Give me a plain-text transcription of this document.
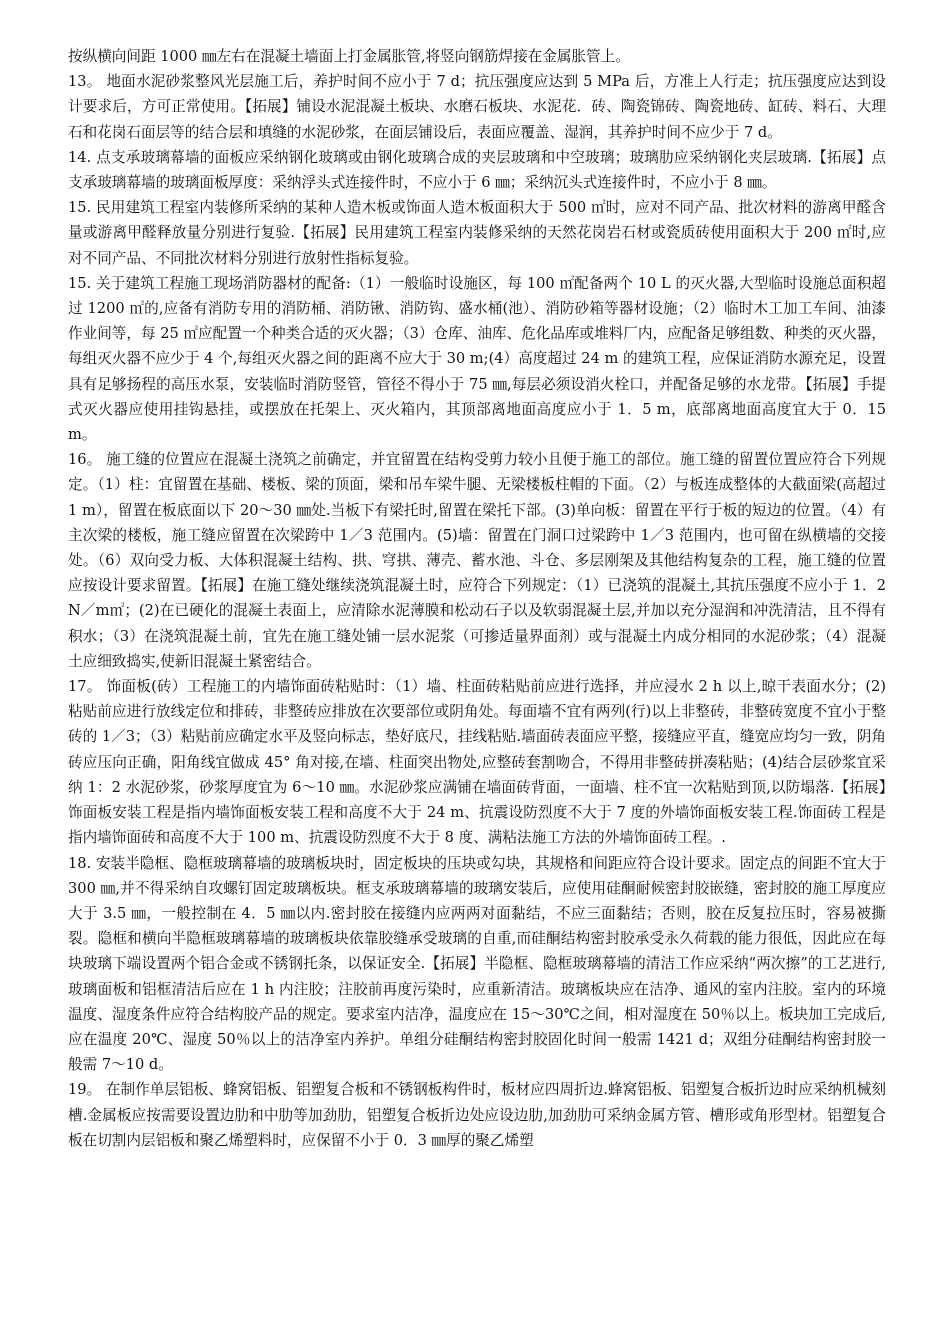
按纵横向间距 1000 ㎜左右在混凝土墙面上打金属胀管,将竖向钢筋焊接在金属胀管上。

13。 地面水泥砂浆整风光层施工后，养护时间不应小于 7 d；抗压强度应达到 5 MPa 后，方准上人行走；抗压强度应达到设计要求后，方可正常使用。【拓展】铺设水泥混凝土板块、水磨石板块、水泥花．砖、陶瓷锦砖、陶瓷地砖、缸砖、料石、大理石和花岗石面层等的结合层和填缝的水泥砂浆，在面层铺设后，表面应覆盖、湿润，其养护时间不应少于 7 d。

14. 点支承玻璃幕墙的面板应采纳钢化玻璃或由钢化玻璃合成的夹层玻璃和中空玻璃；玻璃肋应采纳钢化夹层玻璃.【拓展】点支承玻璃幕墙的玻璃面板厚度：采纳浮头式连接件时，不应小于 6 ㎜；采纳沉头式连接件时，不应小于 8 ㎜。

15. 民用建筑工程室内装修所采纳的某种人造木板或饰面人造木板面积大于 500 ㎡时，应对不同产品、批次材料的游离甲醛含量或游离甲醛释放量分别进行复验.【拓展】民用建筑工程室内装修采纳的天然花岗岩石材或瓷质砖使用面积大于 200 ㎡时,应对不同产品、不同批次材料分别进行放射性指标复验。

15. 关于建筑工程施工现场消防器材的配备:（1）一般临时设施区，每 100 ㎡配备两个 10 L 的灭火器,大型临时设施总面积超过 1200 ㎡的,应备有消防专用的消防桶、消防锹、消防钩、盛水桶(池）、消防砂箱等器材设施；（2）临时木工加工车间、油漆作业间等，每 25 ㎡应配置一个种类合适的灭火器；（3）仓库、油库、危化品库或堆料厂内，应配备足够组数、种类的灭火器，每组灭火器不应少于 4 个,每组灭火器之间的距离不应大于 30 m;(4）高度超过 24 m 的建筑工程，应保证消防水源充足，设置具有足够扬程的高压水泵，安装临时消防竖管，管径不得小于 75 ㎜,每层必须设消火栓口，并配备足够的水龙带。【拓展】手提式灭火器应使用挂钩悬挂，或摆放在托架上、灭火箱内，其顶部离地面高度应小于 1．5 m，底部离地面高度宜大于 0．15 m。

16。 施工缝的位置应在混凝土浇筑之前确定，并宜留置在结构受剪力较小且便于施工的部位。施工缝的留置位置应符合下列规定。（1）柱：宜留置在基础、楼板、梁的顶面，梁和吊车梁牛腿、无梁楼板柱帽的下面。（2）与板连成整体的大截面梁(高超过 1 m），留置在板底面以下 20～30 ㎜处.当板下有梁托时,留置在梁托下部。(3)单向板：留置在平行于板的短边的位置。（4）有主次梁的楼板，施工缝应留置在次梁跨中 1／3 范围内。(5)墙：留置在门洞口过梁跨中 1／3 范围内，也可留在纵横墙的交接处。（6）双向受力板、大体积混凝土结构、拱、穹拱、薄壳、蓄水池、斗仓、多层刚架及其他结构复杂的工程，施工缝的位置应按设计要求留置。【拓展】在施工缝处继续浇筑混凝土时，应符合下列规定：（1）已浇筑的混凝土,其抗压强度不应小于 1．2 N／m㎡；(2)在已硬化的混凝土表面上，应清除水泥薄膜和松动石子以及软弱混凝土层,并加以充分湿润和冲洗清洁，且不得有积水；（3）在浇筑混凝土前，宜先在施工缝处铺一层水泥浆（可掺适量界面剂）或与混凝土内成分相同的水泥砂浆；（4）混凝土应细致捣实,使新旧混凝土紧密结合。

17。 饰面板(砖）工程施工的内墙饰面砖粘贴时：（1）墙、柱面砖粘贴前应进行选择，并应浸水 2 h 以上,晾干表面水分；(2)粘贴前应进行放线定位和排砖，非整砖应排放在次要部位或阴角处。每面墙不宜有两列(行)以上非整砖，非整砖宽度不宜小于整砖的 1／3；（3）粘贴前应确定水平及竖向标志，垫好底尺，挂线粘贴.墙面砖表面应平整，接缝应平直，缝宽应均匀一致，阴角砖应压向正确，阳角线宜做成 45° 角对接,在墙、柱面突出物处,应整砖套割吻合，不得用非整砖拼凑粘贴；(4)结合层砂浆宜采纳 1：2 水泥砂浆，砂浆厚度宜为 6～10 ㎜。水泥砂浆应满铺在墙面砖背面，一面墙、柱不宜一次粘贴到顶,以防塌落.【拓展】饰面板安装工程是指内墙饰面板安装工程和高度不大于 24 m、抗震设防烈度不大于 7 度的外墙饰面板安装工程.饰面砖工程是指内墙饰面砖和高度不大于 100 m、抗震设防烈度不大于 8 度、满粘法施工方法的外墙饰面砖工程。.

18. 安装半隐框、隐框玻璃幕墙的玻璃板块时，固定板块的压块或勾块，其规格和间距应符合设计要求。固定点的间距不宜大于 300 ㎜,并不得采纳自攻螺钉固定玻璃板块。框支承玻璃幕墙的玻璃安装后，应使用硅酮耐候密封胶嵌缝，密封胶的施工厚度应大于 3.5 ㎜，一般控制在 4．5 ㎜以内.密封胶在接缝内应两两对面黏结，不应三面黏结；否则，胶在反复拉压时，容易被撕裂。隐框和横向半隐框玻璃幕墙的玻璃板块依靠胶缝承受玻璃的自重,而硅酮结构密封胶承受永久荷载的能力很低，因此应在每块玻璃下端设置两个铝合金或不锈钢托条，以保证安全.【拓展】半隐框、隐框玻璃幕墙的清洁工作应采纳“两次擦”的工艺进行,玻璃面板和铝框清洁后应在 1 h 内注胶；注胶前再度污染时，应重新清洁。玻璃板块应在洁净、通风的室内注胶。室内的环境温度、湿度条件应符合结构胶产品的规定。要求室内洁净，温度应在 15～30℃之间，相对湿度在 50％以上。板块加工完成后,应在温度 20℃、湿度 50％以上的洁净室内养护。单组分硅酮结构密封胶固化时间一般需 1421 d；双组分硅酮结构密封胶一般需 7～10 d。

19。 在制作单层铝板、蜂窝铝板、铝塑复合板和不锈钢板构件时，板材应四周折边.蜂窝铝板、铝塑复合板折边时应采纳机械刻槽.金属板应按需要设置边肋和中肋等加劲肋，铝塑复合板折边处应设边肋,加劲肋可采纳金属方管、槽形或角形型材。铝塑复合板在切割内层铝板和聚乙烯塑料时，应保留不小于 0．3 ㎜厚的聚乙烯塑
